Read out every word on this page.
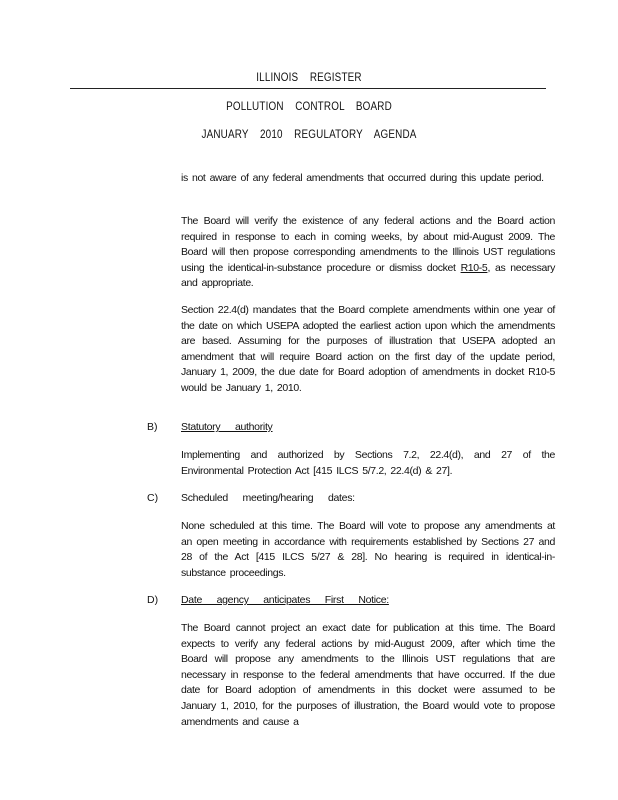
ILLINOIS REGISTER
POLLUTION CONTROL BOARD
JANUARY 2010 REGULATORY AGENDA
is not aware of any federal amendments that occurred during this update period.
The Board will verify the existence of any federal actions and the Board action required in response to each in coming weeks, by about mid-August 2009. The Board will then propose corresponding amendments to the Illinois UST regulations using the identical-in-substance procedure or dismiss docket R10-5, as necessary and appropriate.
Section 22.4(d) mandates that the Board complete amendments within one year of the date on which USEPA adopted the earliest action upon which the amendments are based. Assuming for the purposes of illustration that USEPA adopted an amendment that will require Board action on the first day of the update period, January 1, 2009, the due date for Board adoption of amendments in docket R10-5 would be January 1, 2010.
B) Statutory authority
Implementing and authorized by Sections 7.2, 22.4(d), and 27 of the Environmental Protection Act [415 ILCS 5/7.2, 22.4(d) & 27].
C) Scheduled meeting/hearing dates:
None scheduled at this time. The Board will vote to propose any amendments at an open meeting in accordance with requirements established by Sections 27 and 28 of the Act [415 ILCS 5/27 & 28]. No hearing is required in identical-in-substance proceedings.
D) Date agency anticipates First Notice:
The Board cannot project an exact date for publication at this time. The Board expects to verify any federal actions by mid-August 2009, after which time the Board will propose any amendments to the Illinois UST regulations that are necessary in response to the federal amendments that have occurred. If the due date for Board adoption of amendments in this docket were assumed to be January 1, 2010, for the purposes of illustration, the Board would vote to propose amendments and cause a
